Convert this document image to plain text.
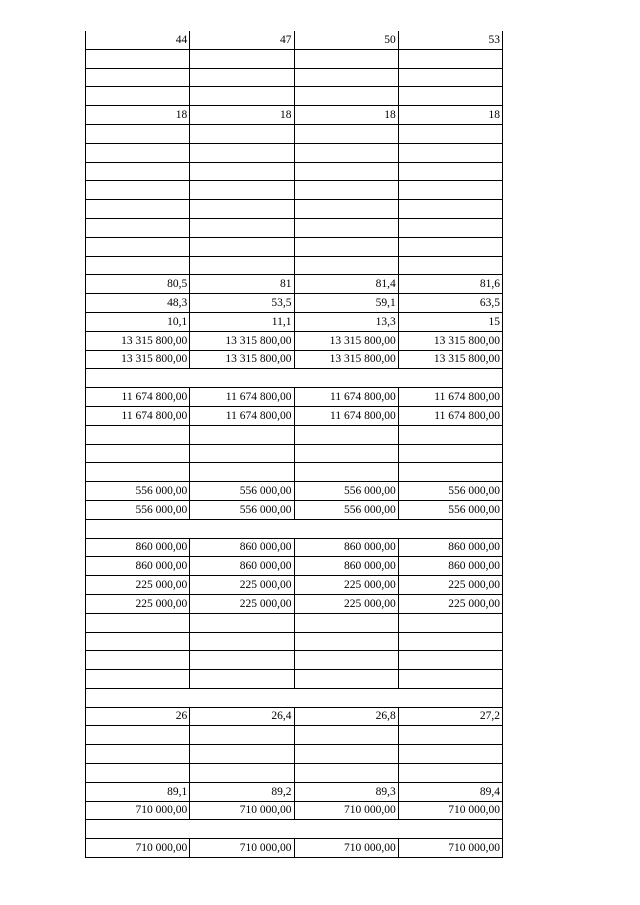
44	47	50	53

18	18	18	18

80,5	81	81,4	81,6
48,3	53,5	59,1	63,5
10,1	11,1	13,3	15
13 315 800,00	13 315 800,00	13 315 800,00	13 315 800,00
13 315 800,00	13 315 800,00	13 315 800,00	13 315 800,00

11 674 800,00	11 674 800,00	11 674 800,00	11 674 800,00
11 674 800,00	11 674 800,00	11 674 800,00	11 674 800,00

556 000,00	556 000,00	556 000,00	556 000,00
556 000,00	556 000,00	556 000,00	556 000,00

860 000,00	860 000,00	860 000,00	860 000,00
860 000,00	860 000,00	860 000,00	860 000,00
225 000,00	225 000,00	225 000,00	225 000,00
225 000,00	225 000,00	225 000,00	225 000,00

26	26,4	26,8	27,2

89,1	89,2	89,3	89,4
710 000,00	710 000,00	710 000,00	710 000,00

710 000,00	710 000,00	710 000,00	710 000,00
